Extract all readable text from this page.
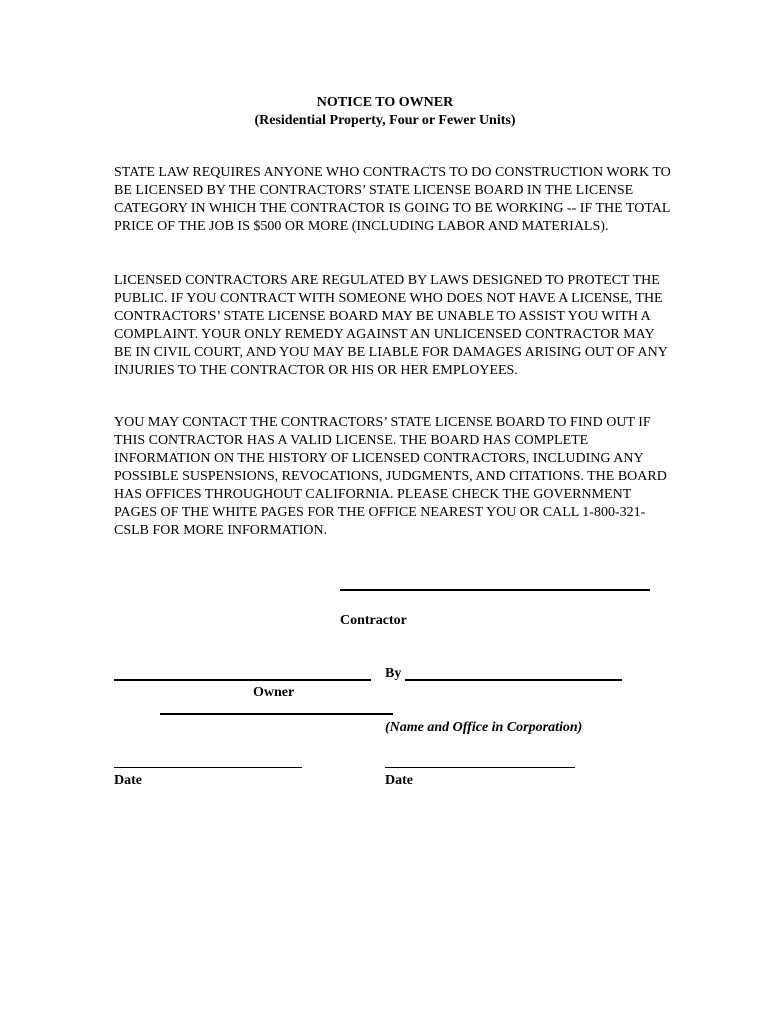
NOTICE TO OWNER
(Residential Property, Four or Fewer Units)

STATE LAW REQUIRES ANYONE WHO CONTRACTS TO DO CONSTRUCTION WORK TO BE LICENSED BY THE CONTRACTORS’ STATE LICENSE BOARD IN THE LICENSE CATEGORY IN WHICH THE CONTRACTOR IS GOING TO BE WORKING -- IF THE TOTAL PRICE OF THE JOB IS $500 OR MORE (INCLUDING LABOR AND MATERIALS).

LICENSED CONTRACTORS ARE REGULATED BY LAWS DESIGNED TO PROTECT THE PUBLIC. IF YOU CONTRACT WITH SOMEONE WHO DOES NOT HAVE A LICENSE, THE CONTRACTORS’ STATE LICENSE BOARD MAY BE UNABLE TO ASSIST YOU WITH A COMPLAINT. YOUR ONLY REMEDY AGAINST AN UNLICENSED CONTRACTOR MAY BE IN CIVIL COURT, AND YOU MAY BE LIABLE FOR DAMAGES ARISING OUT OF ANY INJURIES TO THE CONTRACTOR OR HIS OR HER EMPLOYEES.

YOU MAY CONTACT THE CONTRACTORS’ STATE LICENSE BOARD TO FIND OUT IF THIS CONTRACTOR HAS A VALID LICENSE. THE BOARD HAS COMPLETE INFORMATION ON THE HISTORY OF LICENSED CONTRACTORS, INCLUDING ANY POSSIBLE SUSPENSIONS, REVOCATIONS, JUDGMENTS, AND CITATIONS. THE BOARD HAS OFFICES THROUGHOUT CALIFORNIA. PLEASE CHECK THE GOVERNMENT PAGES OF THE WHITE PAGES FOR THE OFFICE NEAREST YOU OR CALL 1-800-321-CSLB FOR MORE INFORMATION.

Contractor
By
Owner
(Name and Office in Corporation)
Date	Date
